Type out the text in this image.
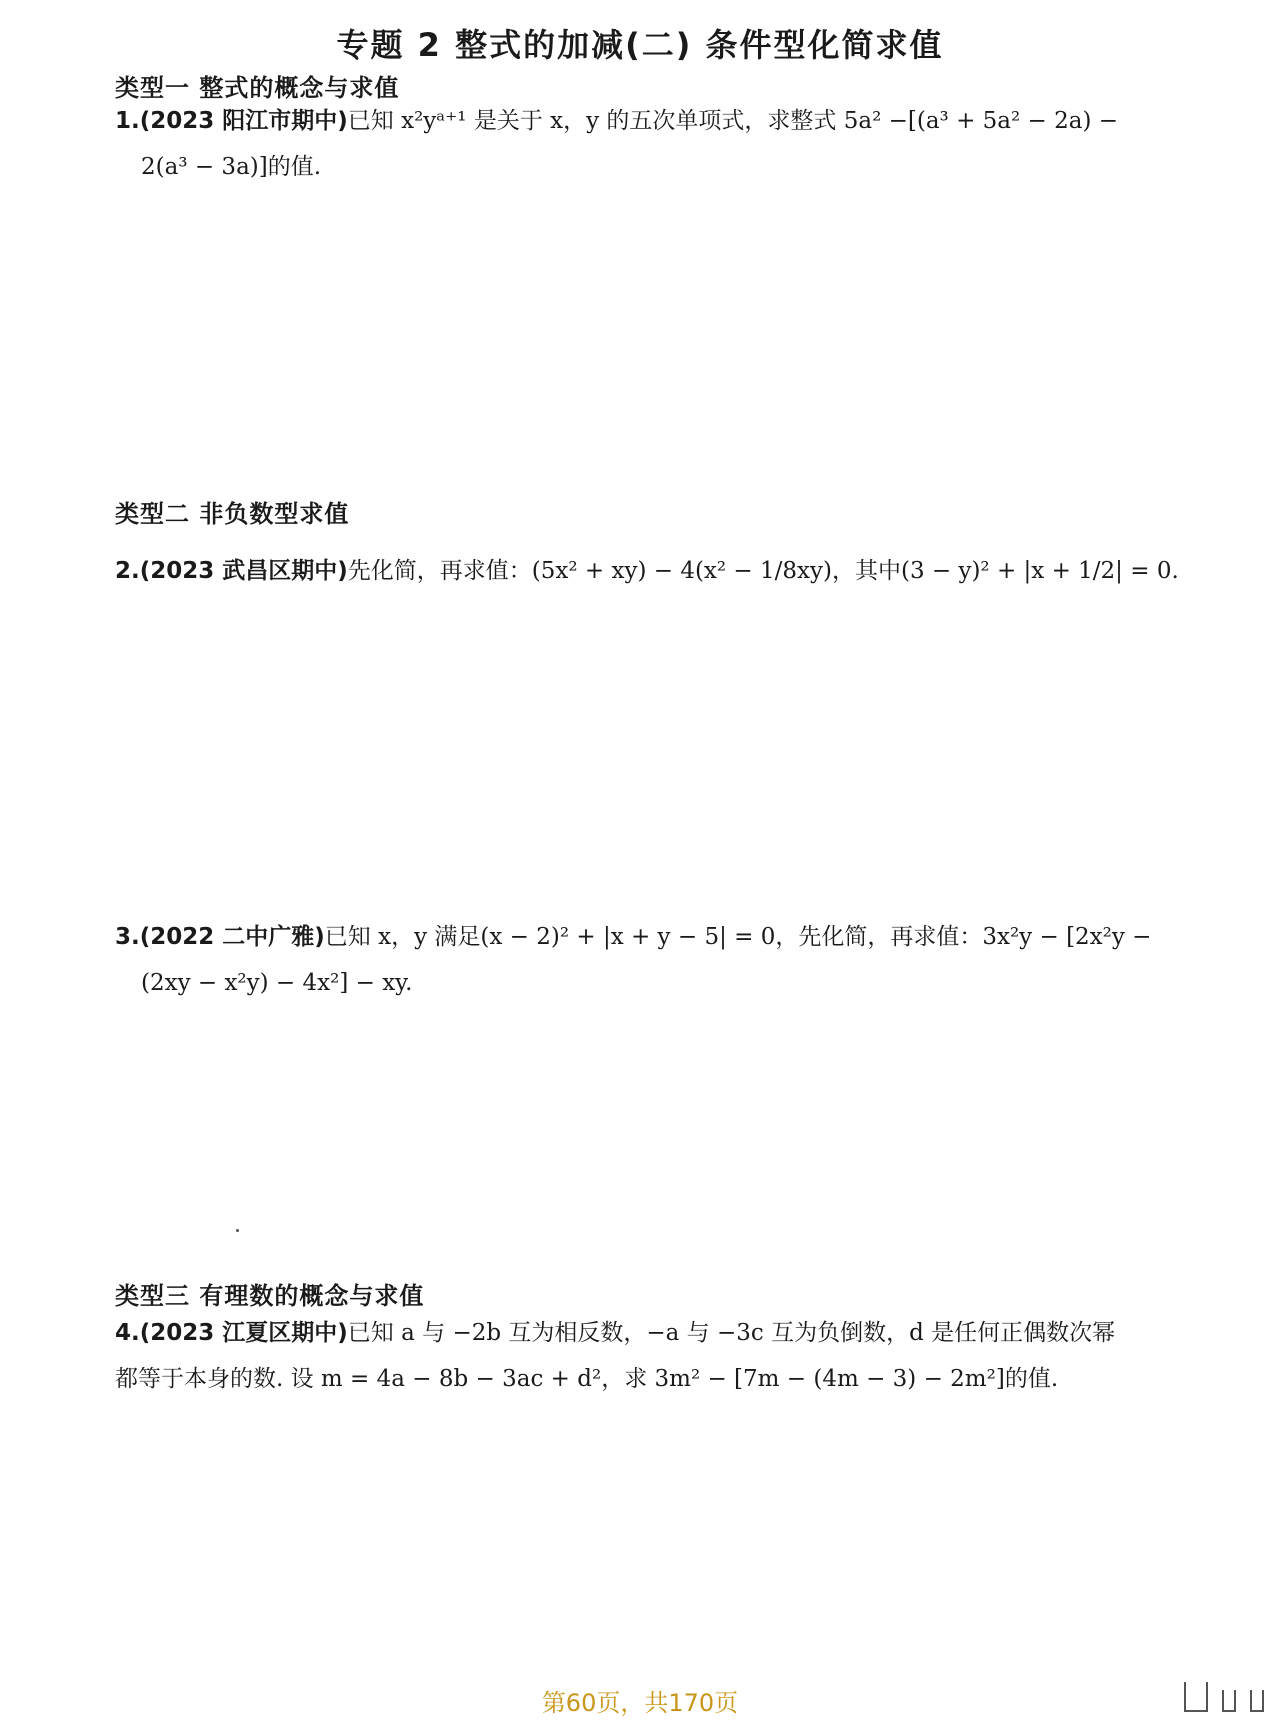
专题 2 整式的加减(二) 条件型化简求值
类型一 整式的概念与求值
1.(2023 阳江市期中)已知 x²yᵃ⁺¹ 是关于 x，y 的五次单项式，求整式 5a² −[(a³ + 5a² − 2a) −
2(a³ − 3a)]的值.
类型二 非负数型求值
2.(2023 武昌区期中)先化简，再求值：(5x² + xy) − 4(x² − 1/8xy)，其中(3 − y)² + |x + 1/2| = 0.
3.(2022 二中广雅)已知 x，y 满足(x − 2)² + |x + y − 5| = 0，先化简，再求值：3x²y − [2x²y −
(2xy − x²y) − 4x²] − xy.
类型三 有理数的概念与求值
4.(2023 江夏区期中)已知 a 与 −2b 互为相反数，−a 与 −3c 互为负倒数，d 是任何正偶数次幂
都等于本身的数. 设 m = 4a − 8b − 3ac + d²，求 3m² − [7m − (4m − 3) − 2m²]的值.
第60页，共170页
